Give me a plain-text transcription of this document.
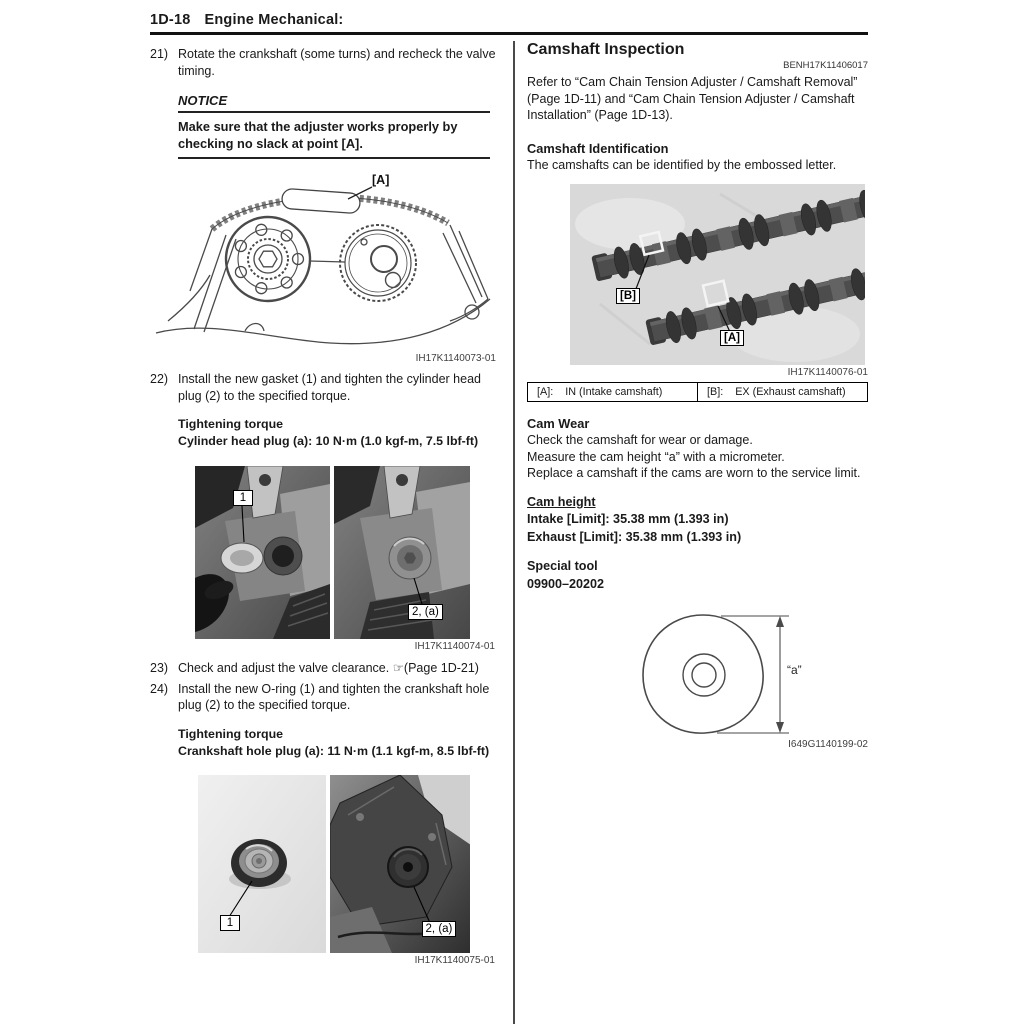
1D-18 Engine Mechanical:
21) Rotate the crankshaft (some turns) and recheck the valve timing.
NOTICE
Make sure that the adjuster works properly by checking no slack at point [A].
[A]
IH17K1140073-01
22) Install the new gasket (1) and tighten the cylinder head plug (2) to the specified torque.
Tightening torque
Cylinder head plug (a): 10 N·m (1.0 kgf-m, 7.5 lbf-ft)
1
2, (a)
IH17K1140074-01
23) Check and adjust the valve clearance. ☞(Page 1D-21)
24) Install the new O-ring (1) and tighten the crankshaft hole plug (2) to the specified torque.
Tightening torque
Crankshaft hole plug (a): 11 N·m (1.1 kgf-m, 8.5 lbf-ft)
1	2, (a)
IH17K1140075-01
Camshaft Inspection
BENH17K11406017
Refer to “Cam Chain Tension Adjuster / Camshaft Removal” (Page 1D-11) and “Cam Chain Tension Adjuster / Camshaft Installation” (Page 1D-13).
Camshaft Identification
The camshafts can be identified by the embossed letter.
[B]
[A]
IH17K1140076-01
[A]: IN (Intake camshaft)	[B]: EX (Exhaust camshaft)
Cam Wear
Check the camshaft for wear or damage.
Measure the cam height “a” with a micrometer.
Replace a camshaft if the cams are worn to the service limit.
Cam height
Intake [Limit]: 35.38 mm (1.393 in)
Exhaust [Limit]: 35.38 mm (1.393 in)
Special tool
09900–20202
“a”
I649G1140199-02
